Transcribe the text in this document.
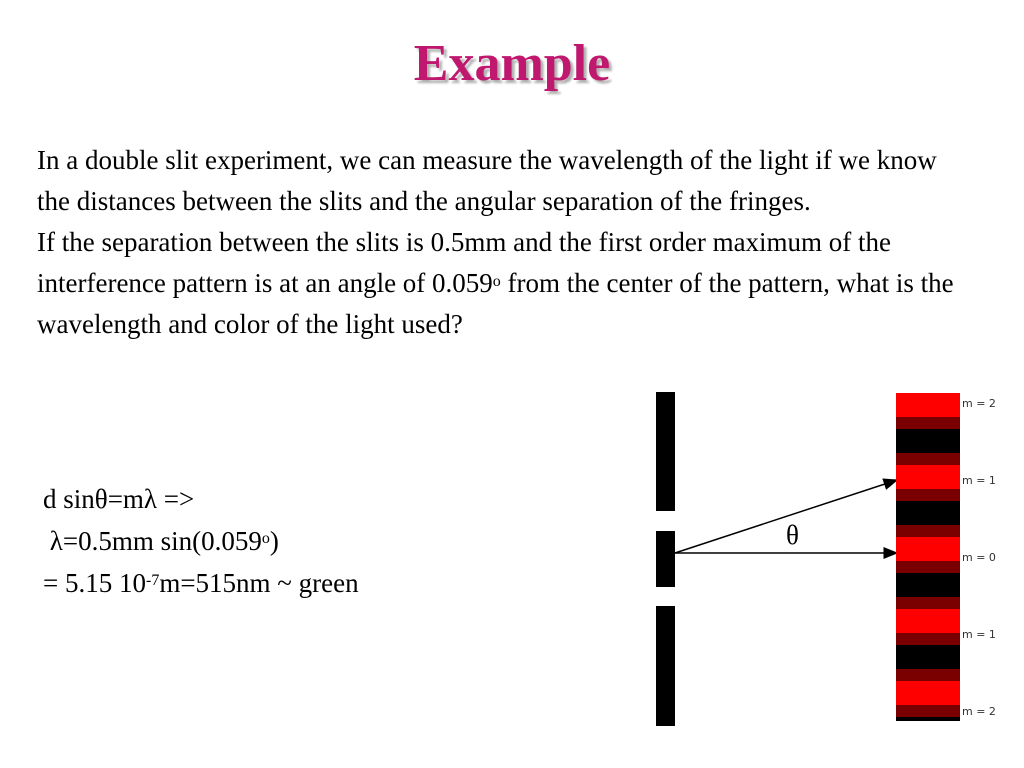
Example

In a double slit experiment, we can measure the wavelength of the light if we know the distances between the slits and the angular separation of the fringes.

If the separation between the slits is 0.5mm and the first order maximum of the interference pattern is at an angle of 0.059$^o$ from the center of the pattern, what is the wavelength and color of the light used?

d sinθ=mλ =>
λ=0.5mm $\sin(0.059^o)$
= 5.15 $10^{-7}m=515nm$ ~ green
θ
m = 2
m = 1
m = 0
m = 1
m = 2
